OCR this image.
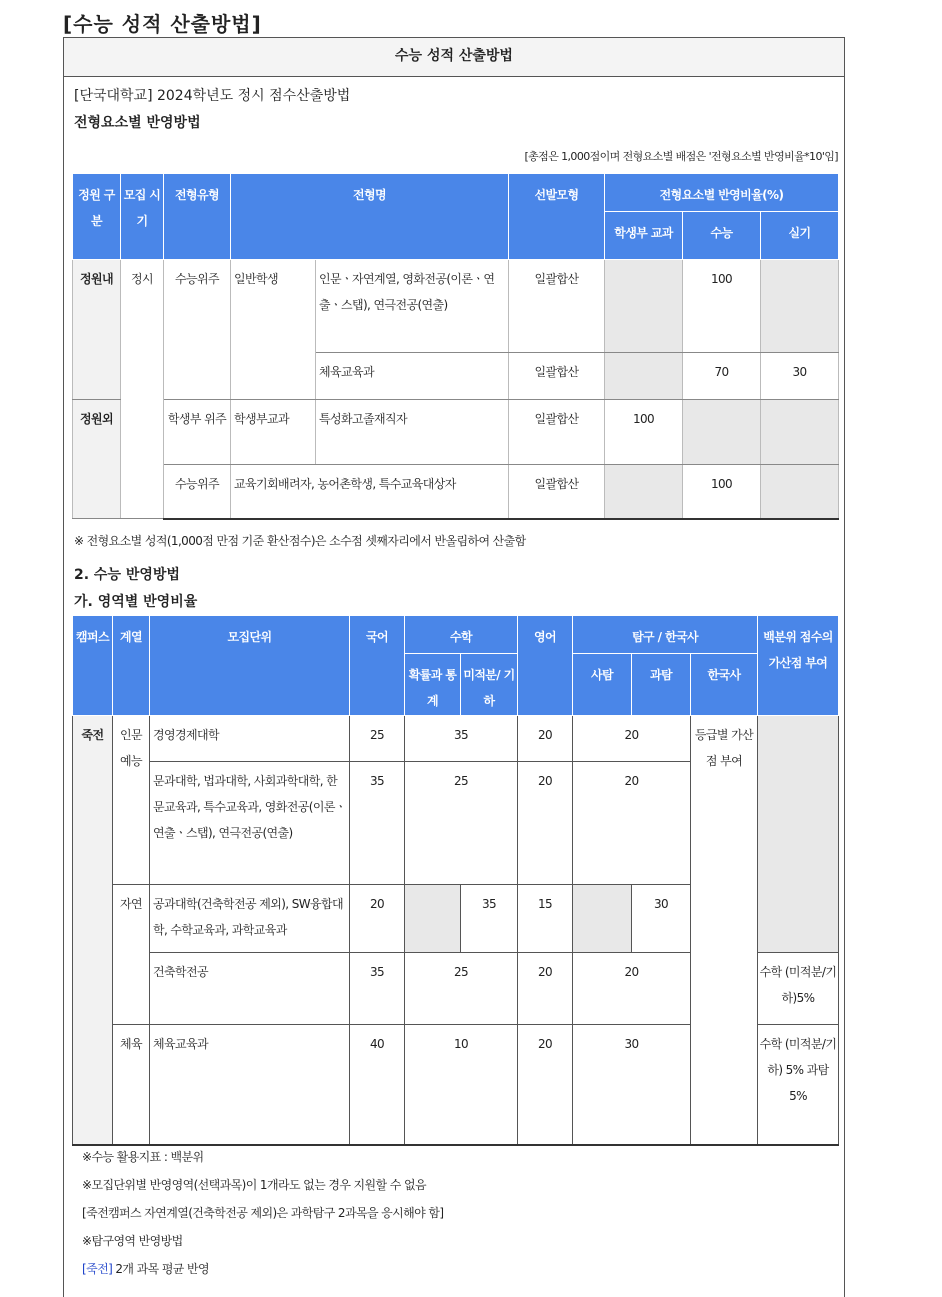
[수능 성적 산출방법]
수능 성적 산출방법
[단국대학교] 2024학년도 정시 점수산출방법
전형요소별 반영방법
[총점은 1,000점이며 전형요소별 배점은 '전형요소별 반영비율*10'임]
정원 구분	모집 시기	전형유형	전형명		선발모형	전형요소별 반영비율(%)		
						학생부 교과	수능	실기
정원내	정시	수능위주	일반학생	인문ㆍ자연계열, 영화전공(이론ㆍ연출ㆍ스탭), 연극전공(연출)	일괄합산		100	
				체육교육과	일괄합산		70	30
정원외		학생부 위주	학생부교과	특성화고졸재직자	일괄합산	100		
		수능위주	교육기회배려자, 농어촌학생, 특수교육대상자		일괄합산		100	
※ 전형요소별 성적(1,000점 만점 기준 환산점수)은 소수점 셋째자리에서 반올림하여 산출함
2. 수능 반영방법
가. 영역별 반영비율
캠퍼스	계열	모집단위	국어	수학		영어	탐구 / 한국사			백분위 점수의 가산점 부여
				확률과 통계	미적분/ 기하		사탐	과탐	한국사	
죽전	인문 예능	경영경제대학	25	35		20	20		등급별 가산점 부여	
		문과대학, 법과대학, 사회과학대학, 한문교육과, 특수교육과, 영화전공(이론ㆍ연출ㆍ스탭), 연극전공(연출)	35	25		20	20			
	자연	공과대학(건축학전공 제외), SW융합대학, 수학교육과, 과학교육과	20		35	15		30		
		건축학전공	35	25		20	20			수학 (미적분/기하)5%
	체육	체육교육과	40	10		20	30			수학 (미적분/기하) 5% 과탐 5%
※수능 활용지표 : 백분위
※모집단위별 반영영역(선택과목)이 1개라도 없는 경우 지원할 수 없음
[죽전캠퍼스 자연계열(건축학전공 제외)은 과학탐구 2과목을 응시해야 함]
※탐구영역 반영방법
[죽전] 2개 과목 평균 반영
